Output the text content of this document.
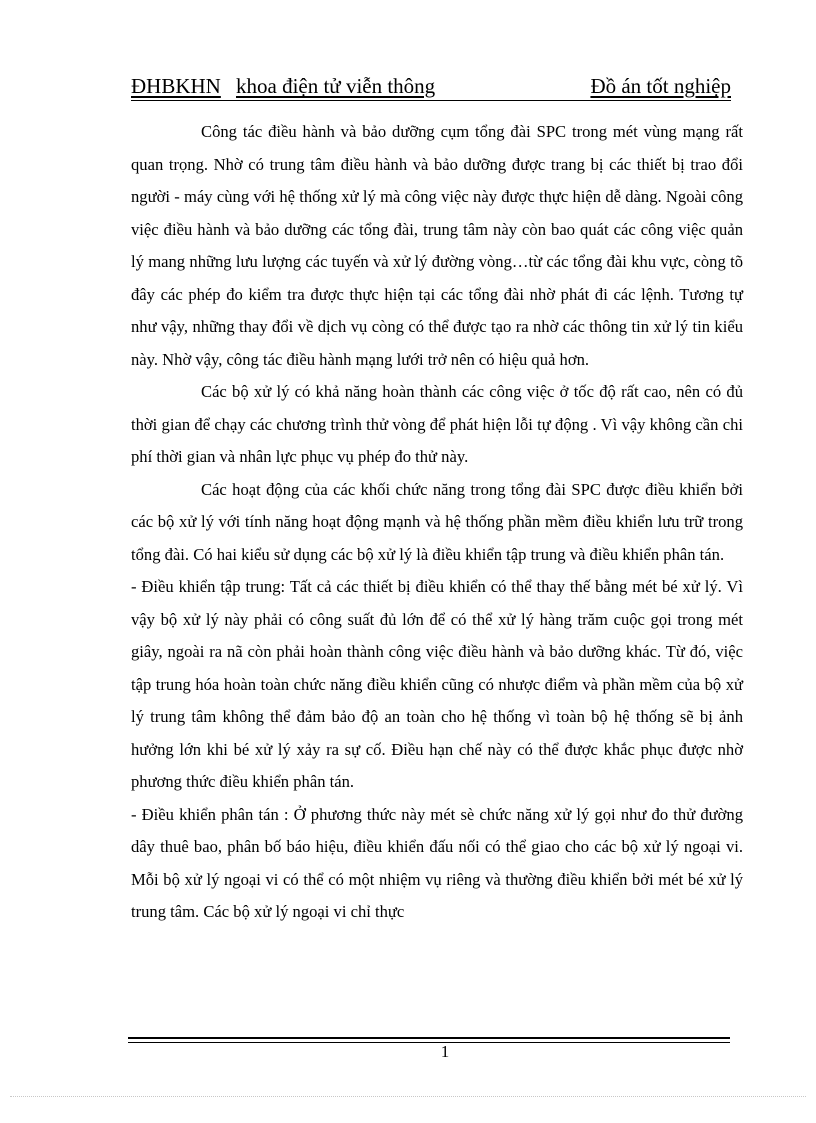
ĐHBKHN khoa điện tử viễn thông	Đồ án tốt nghiệp

Công tác điều hành và bảo dưỡng cụm tổng đài SPC trong mét vùng mạng rất quan trọng. Nhờ có trung tâm điều hành và bảo dưỡng được trang bị các thiết bị trao đổi người - máy cùng với hệ thống xử lý mà công việc này được thực hiện dễ dàng. Ngoài công việc điều hành và bảo dưỡng các tổng đài, trung tâm này còn bao quát các công việc quản lý mang những lưu lượng các tuyến và xử lý đường vòng…từ các tổng đài khu vực, còng tõ đây các phép đo kiểm tra được thực hiện tại các tổng đài nhờ phát đi các lệnh. Tương tự như vậy, những thay đổi về dịch vụ còng có thể được tạo ra nhờ các thông tin xử lý tin kiểu này. Nhờ vậy, công tác điều hành mạng lưới trở nên có hiệu quả hơn.

Các bộ xử lý có khả năng hoàn thành các công việc ở tốc độ rất cao, nên có đủ thời gian để chạy các chương trình thử vòng để phát hiện lỗi tự động . Vì vậy không cần chi phí thời gian và nhân lực phục vụ phép đo thử này.

Các hoạt động của các khối chức năng trong tổng đài SPC được điều khiển bởi các bộ xử lý với tính năng hoạt động mạnh và hệ thống phần mềm điều khiển lưu trữ trong tổng đài. Có hai kiểu sử dụng các bộ xử lý là điều khiển tập trung và điều khiển phân tán.

- Điều khiển tập trung: Tất cả các thiết bị điều khiển có thể thay thế bằng mét bé xử lý. Vì vậy bộ xử lý này phải có công suất đủ lớn để có thể xử lý hàng trăm cuộc gọi trong mét giây, ngoài ra nã còn phải hoàn thành công việc điều hành và bảo dưỡng khác. Từ đó, việc tập trung hóa hoàn toàn chức năng điều khiển cũng có nhược điểm và phần mềm của bộ xử lý trung tâm không thể đảm bảo độ an toàn cho hệ thống vì toàn bộ hệ thống sẽ bị ảnh hưởng lớn khi bé xử lý xảy ra sự cố. Điều hạn chế này có thể được khắc phục được nhờ phương thức điều khiển phân tán.

- Điều khiển phân tán : Ở phương thức này mét sè chức năng xử lý gọi như đo thử đường dây thuê bao, phân bố báo hiệu, điều khiển đấu nối có thể giao cho các bộ xử lý ngoại vi. Mỗi bộ xử lý ngoại vi có thể có một nhiệm vụ riêng và thường điều khiển bởi mét bé xử lý trung tâm. Các bộ xử lý ngoại vi chỉ thực

1
